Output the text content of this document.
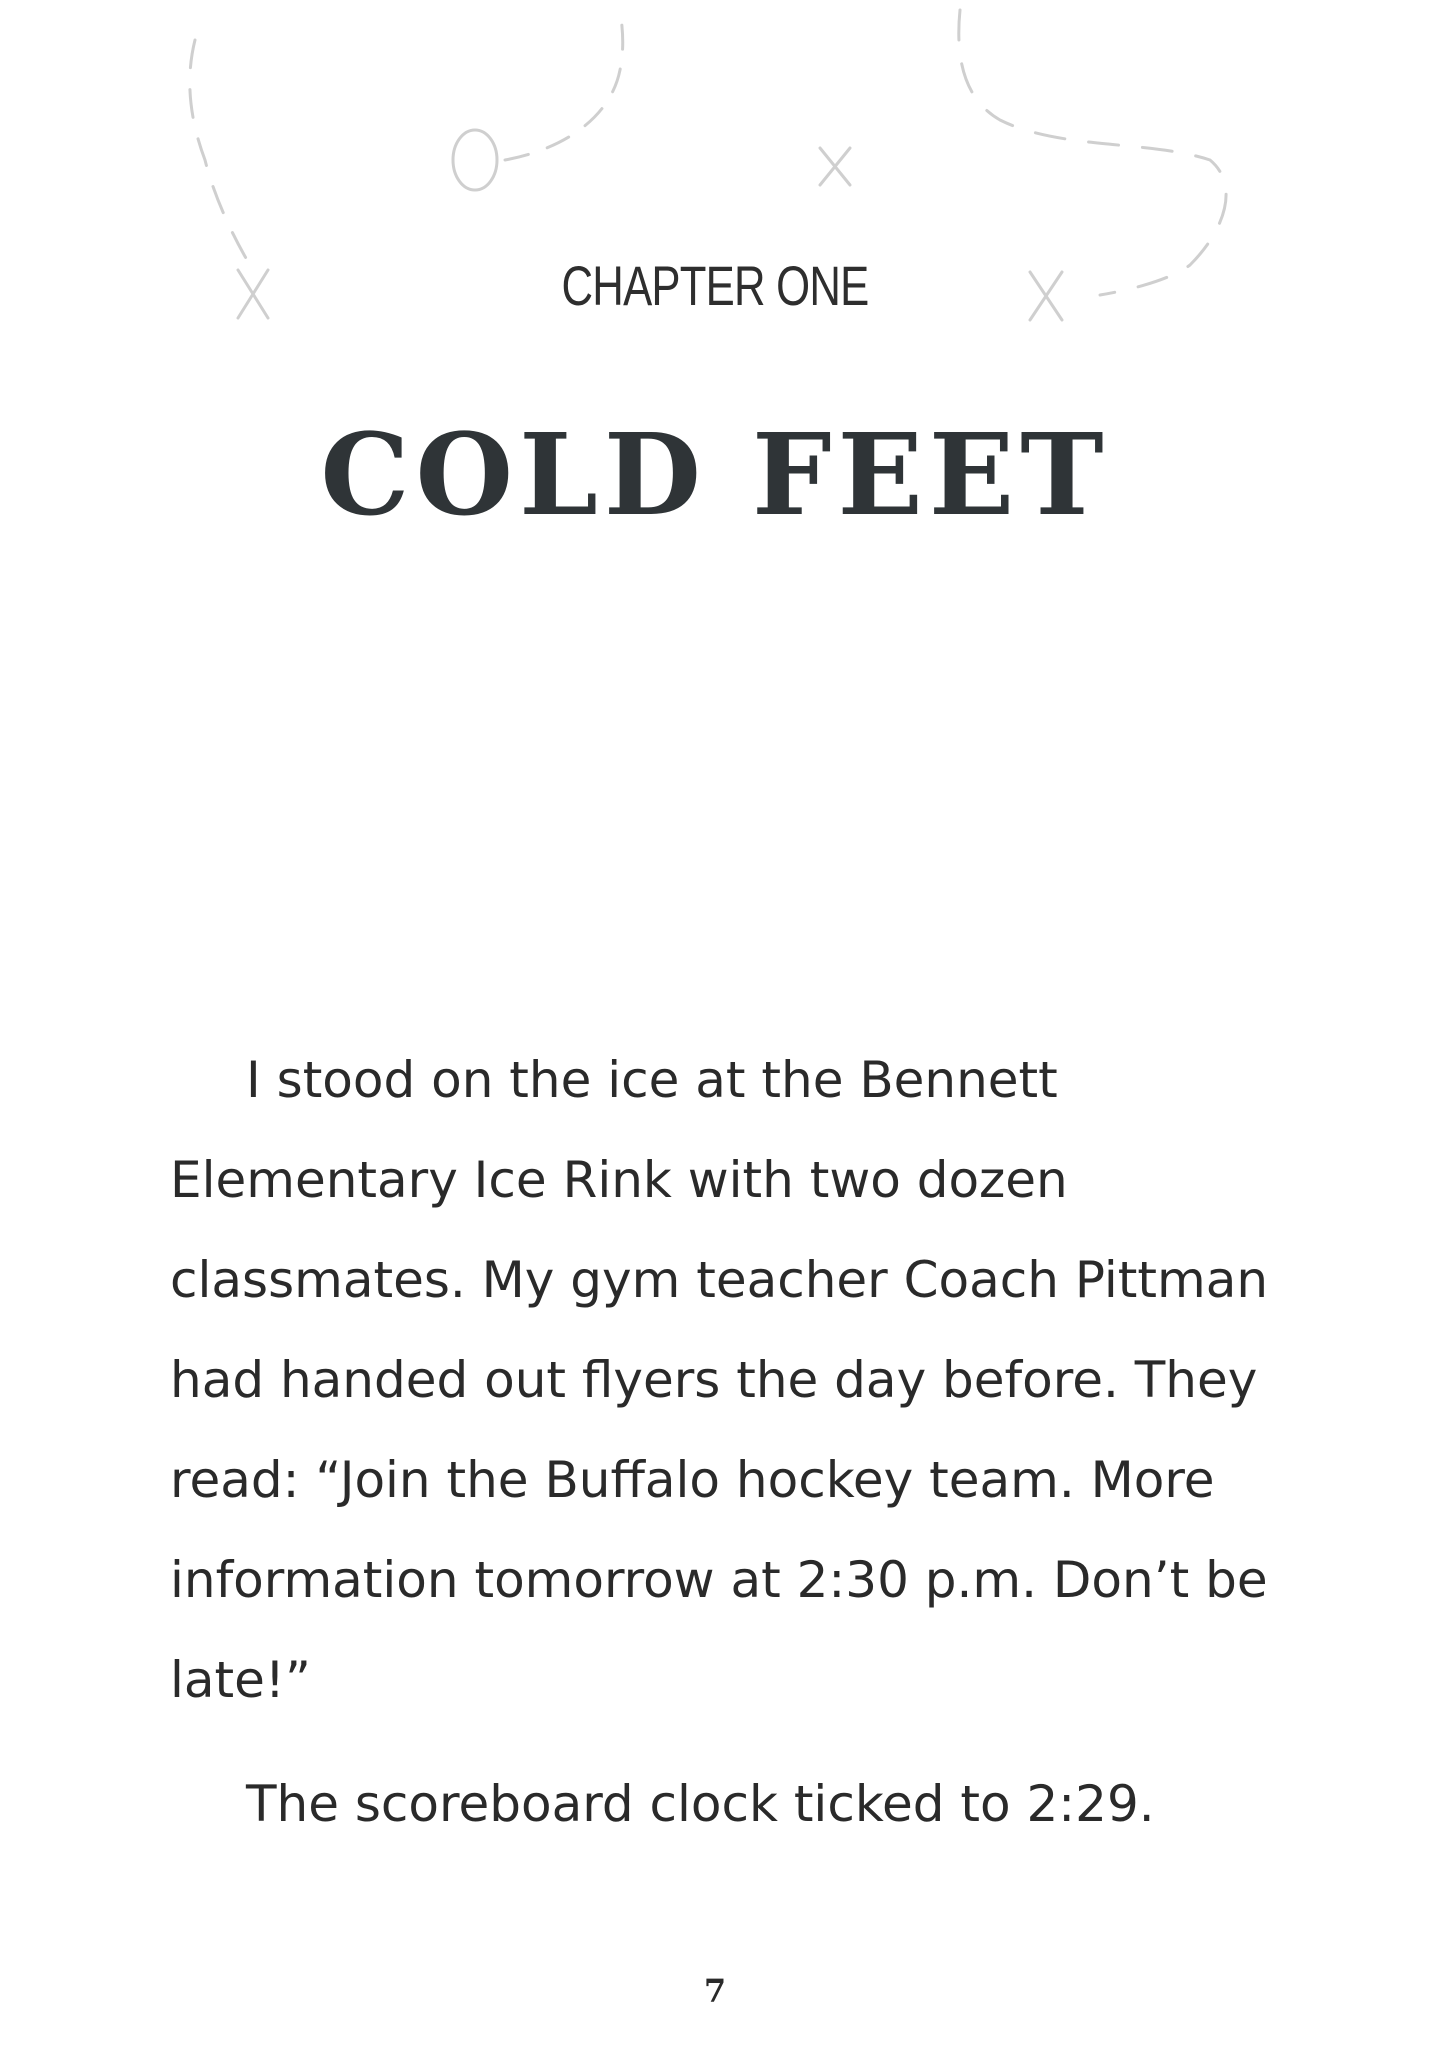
CHAPTER ONE
COLD FEET

I stood on the ice at the Bennett Elementary Ice Rink with two dozen classmates. My gym teacher Coach Pittman had handed out flyers the day before. They read: “Join the Buffalo hockey team. More information tomorrow at 2:30 p.m. Don’t be late!”

The scoreboard clock ticked to 2:29.

7
